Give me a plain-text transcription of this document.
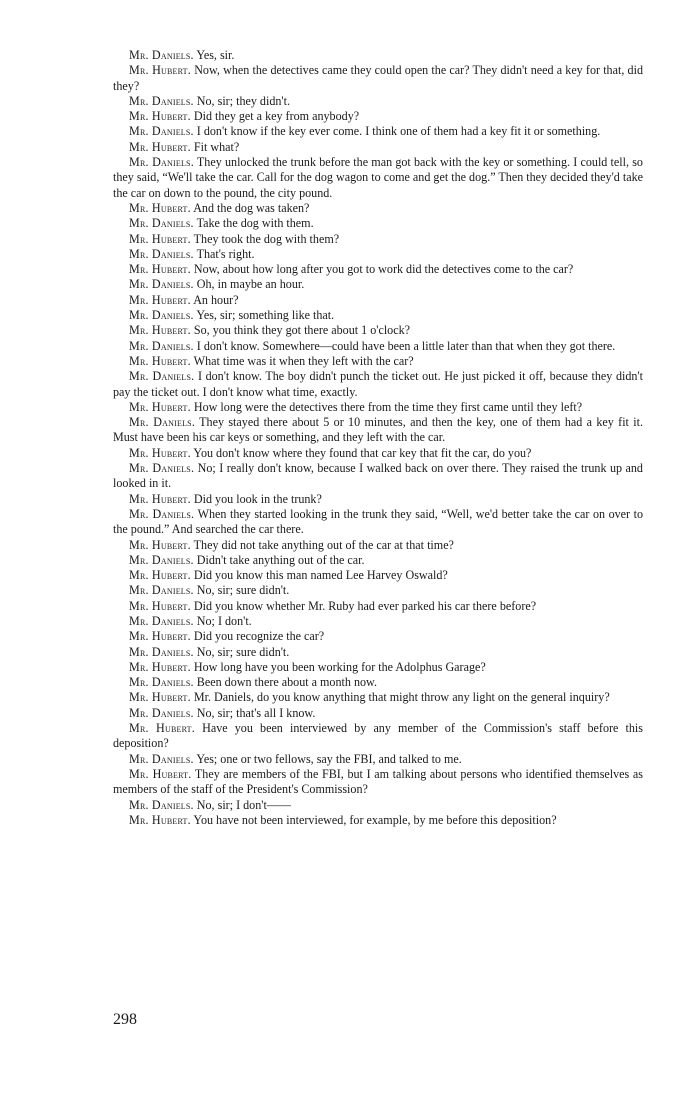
Mr. Daniels. Yes, sir.

Mr. Hubert. Now, when the detectives came they could open the car? They didn't need a key for that, did they?

Mr. Daniels. No, sir; they didn't.

Mr. Hubert. Did they get a key from anybody?

Mr. Daniels. I don't know if the key ever come. I think one of them had a key fit it or something.

Mr. Hubert. Fit what?

Mr. Daniels. They unlocked the trunk before the man got back with the key or something. I could tell, so they said, “We'll take the car. Call for the dog wagon to come and get the dog.” Then they decided they'd take the car on down to the pound, the city pound.

Mr. Hubert. And the dog was taken?

Mr. Daniels. Take the dog with them.

Mr. Hubert. They took the dog with them?

Mr. Daniels. That's right.

Mr. Hubert. Now, about how long after you got to work did the detectives come to the car?

Mr. Daniels. Oh, in maybe an hour.

Mr. Hubert. An hour?

Mr. Daniels. Yes, sir; something like that.

Mr. Hubert. So, you think they got there about 1 o'clock?

Mr. Daniels. I don't know. Somewhere—could have been a little later than that when they got there.

Mr. Hubert. What time was it when they left with the car?

Mr. Daniels. I don't know. The boy didn't punch the ticket out. He just picked it off, because they didn't pay the ticket out. I don't know what time, exactly.

Mr. Hubert. How long were the detectives there from the time they first came until they left?

Mr. Daniels. They stayed there about 5 or 10 minutes, and then the key, one of them had a key fit it. Must have been his car keys or something, and they left with the car.

Mr. Hubert. You don't know where they found that car key that fit the car, do you?

Mr. Daniels. No; I really don't know, because I walked back on over there. They raised the trunk up and looked in it.

Mr. Hubert. Did you look in the trunk?

Mr. Daniels. When they started looking in the trunk they said, “Well, we'd better take the car on over to the pound.” And searched the car there.

Mr. Hubert. They did not take anything out of the car at that time?

Mr. Daniels. Didn't take anything out of the car.

Mr. Hubert. Did you know this man named Lee Harvey Oswald?

Mr. Daniels. No, sir; sure didn't.

Mr. Hubert. Did you know whether Mr. Ruby had ever parked his car there before?

Mr. Daniels. No; I don't.

Mr. Hubert. Did you recognize the car?

Mr. Daniels. No, sir; sure didn't.

Mr. Hubert. How long have you been working for the Adolphus Garage?

Mr. Daniels. Been down there about a month now.

Mr. Hubert. Mr. Daniels, do you know anything that might throw any light on the general inquiry?

Mr. Daniels. No, sir; that's all I know.

Mr. Hubert. Have you been interviewed by any member of the Commission's staff before this deposition?

Mr. Daniels. Yes; one or two fellows, say the FBI, and talked to me.

Mr. Hubert. They are members of the FBI, but I am talking about persons who identified themselves as members of the staff of the President's Commission?

Mr. Daniels. No, sir; I don't——

Mr. Hubert. You have not been interviewed, for example, by me before this deposition?

298
